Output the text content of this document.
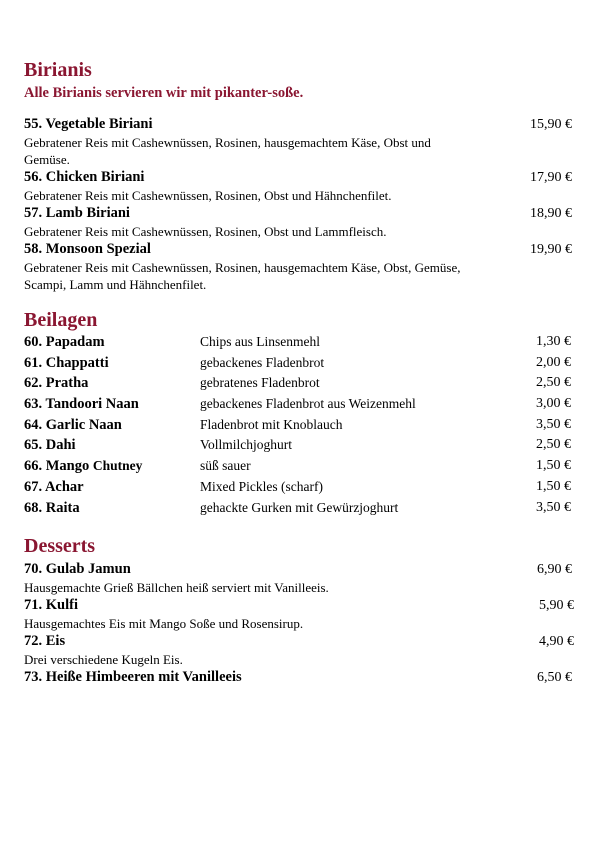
Birianis
Alle Birianis servieren wir mit pikanter-soße.
55. Vegetable Biriani	15,90 €
Gebratener Reis mit Cashewnüssen, Rosinen, hausgemachtem Käse, Obst und Gemüse.
56. Chicken Biriani	17,90 €
Gebratener Reis mit Cashewnüssen, Rosinen, Obst und Hähnchenfilet.
57. Lamb Biriani	18,90 €
Gebratener Reis mit Cashewnüssen, Rosinen, Obst und Lammfleisch.
58. Monsoon Spezial	19,90 €
Gebratener Reis mit Cashewnüssen, Rosinen, hausgemachtem Käse, Obst, Gemüse, Scampi, Lamm und Hähnchenfilet.
Beilagen
60. Papadam	Chips aus Linsenmehl	1,30 €
61. Chappatti	gebackenes Fladenbrot	2,00 €
62. Pratha	gebratenes Fladenbrot	2,50 €
63. Tandoori Naan	gebackenes Fladenbrot aus Weizenmehl	3,00 €
64. Garlic Naan	Fladenbrot mit Knoblauch	3,50 €
65. Dahi	Vollmilchjoghurt	2,50 €
66. Mango Chutney	süß sauer	1,50 €
67. Achar	Mixed Pickles (scharf)	1,50 €
68. Raita	gehackte Gurken mit Gewürzjoghurt	3,50 €
Desserts
70. Gulab Jamun	6,90 €
Hausgemachte Grieß Bällchen heiß serviert mit Vanilleeis.
71. Kulfi	5,90 €
Hausgemachtes Eis mit Mango Soße und Rosensirup.
72. Eis	4,90 €
Drei verschiedene Kugeln Eis.
73. Heiße Himbeeren mit Vanilleeis	6,50 €
